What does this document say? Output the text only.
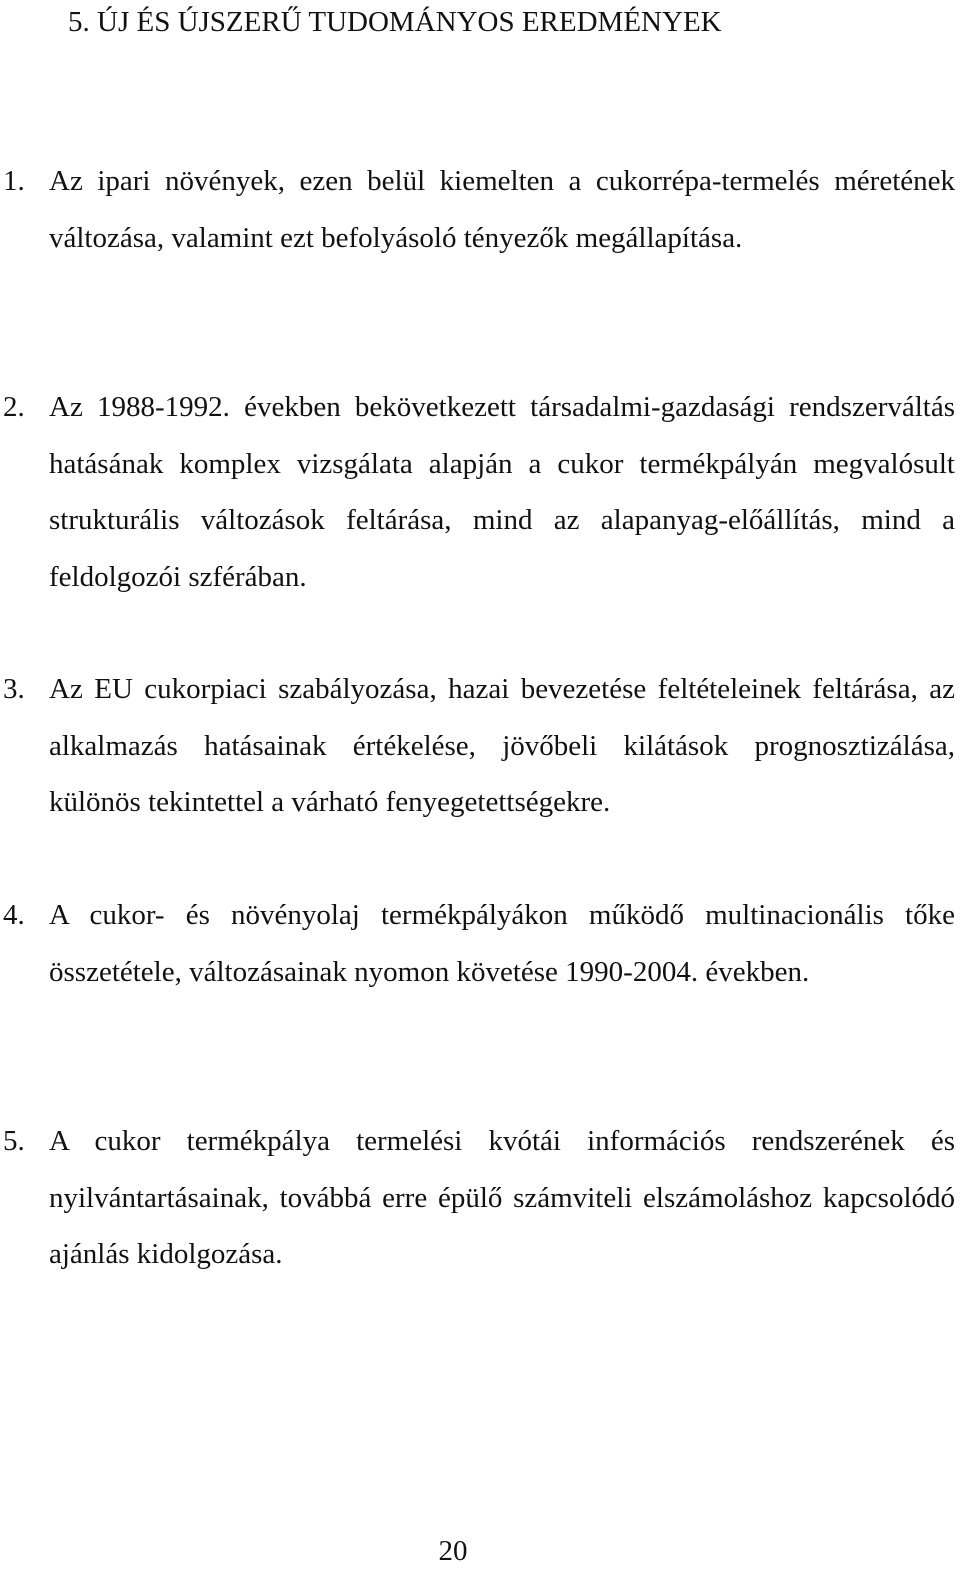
5. ÚJ ÉS ÚJSZERŰ TUDOMÁNYOS EREDMÉNYEK
1. Az ipari növények, ezen belül kiemelten a cukorrépa-termelés méretének változása, valamint ezt befolyásoló tényezők megállapítása.
2. Az 1988-1992. években bekövetkezett társadalmi-gazdasági rendszerváltás hatásának komplex vizsgálata alapján a cukor termékpályán megvalósult strukturális változások feltárása, mind az alapanyag-előállítás, mind a feldolgozói szférában.
3. Az EU cukorpiaci szabályozása, hazai bevezetése feltételeinek feltárása, az alkalmazás hatásainak értékelése, jövőbeli kilátások prognosztizálása, különös tekintettel a várható fenyegetettségekre.
4. A cukor- és növényolaj termékpályákon működő multinacionális tőke összetétele, változásainak nyomon követése 1990-2004. években.
5. A cukor termékpálya termelési kvótái információs rendszerének és nyilvántartásainak, továbbá erre épülő számviteli elszámoláshoz kapcsolódó ajánlás kidolgozása.
20
